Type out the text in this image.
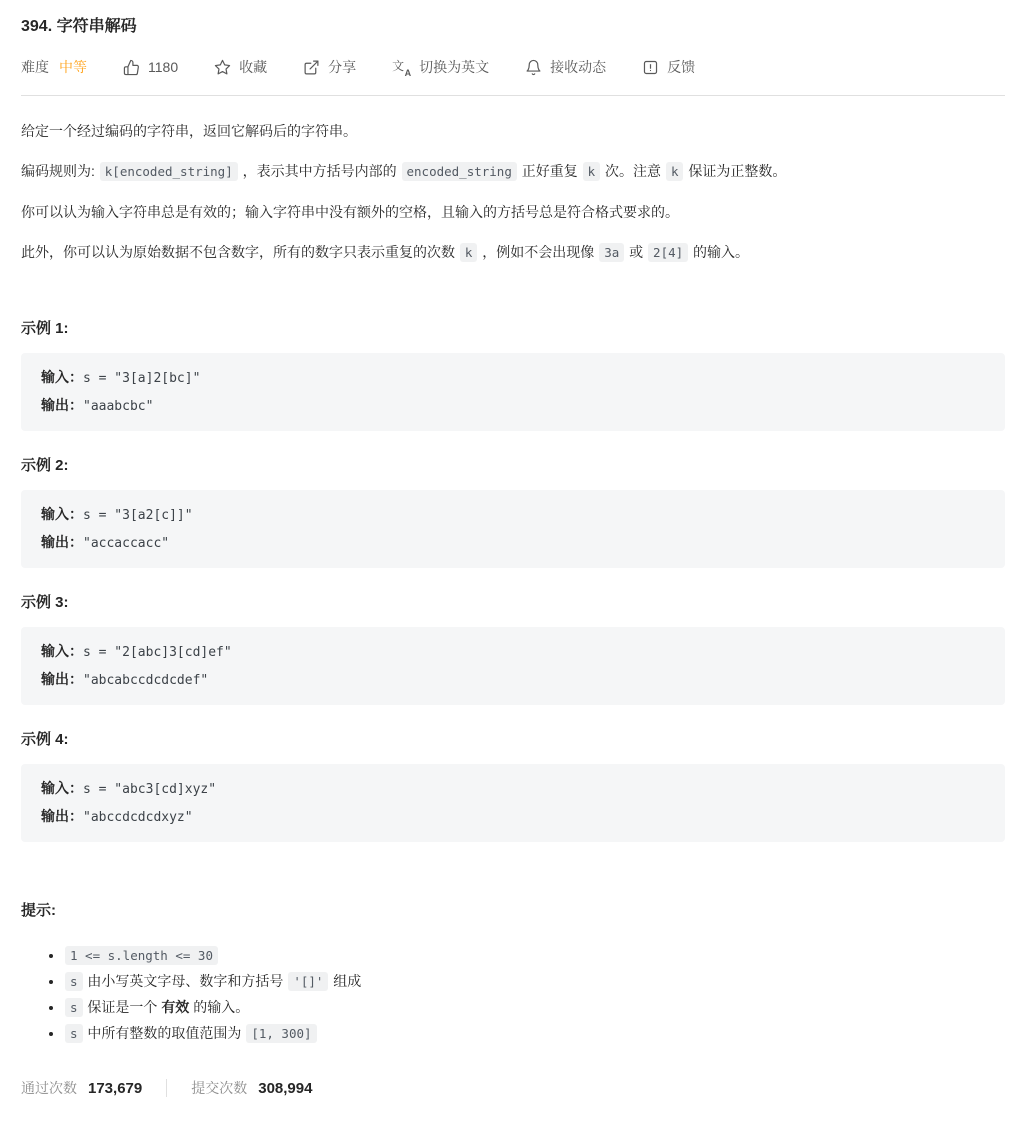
394. 字符串解码
难度 中等	1180	收藏	分享	文 A 切换为英文	接收动态	反馈

给定一个经过编码的字符串，返回它解码后的字符串。

编码规则为: k[encoded_string] ，表示其中方括号内部的 encoded_string 正好重复 k 次。注意 k 保证为正整数。

你可以认为输入字符串总是有效的；输入字符串中没有额外的空格，且输入的方括号总是符合格式要求的。

此外，你可以认为原始数据不包含数字，所有的数字只表示重复的次数 k ，例如不会出现像 3a 或 2[4] 的输入。

示例 1:

输入：s = "3[a]2[bc]"
输出："aaabcbc"

示例 2:

输入：s = "3[a2[c]]"
输出："accaccacc"

示例 3:

输入：s = "2[abc]3[cd]ef"
输出："abcabccdcdcdef"

示例 4:

输入：s = "abc3[cd]xyz"
输出："abccdcdcdxyz"

提示:

• 1 <= s.length <= 30
• s 由小写英文字母、数字和方括号 '[]' 组成
• s 保证是一个 有效 的输入。
• s 中所有整数的取值范围为 [1, 300]
通过次数 173,679	提交次数 308,994
